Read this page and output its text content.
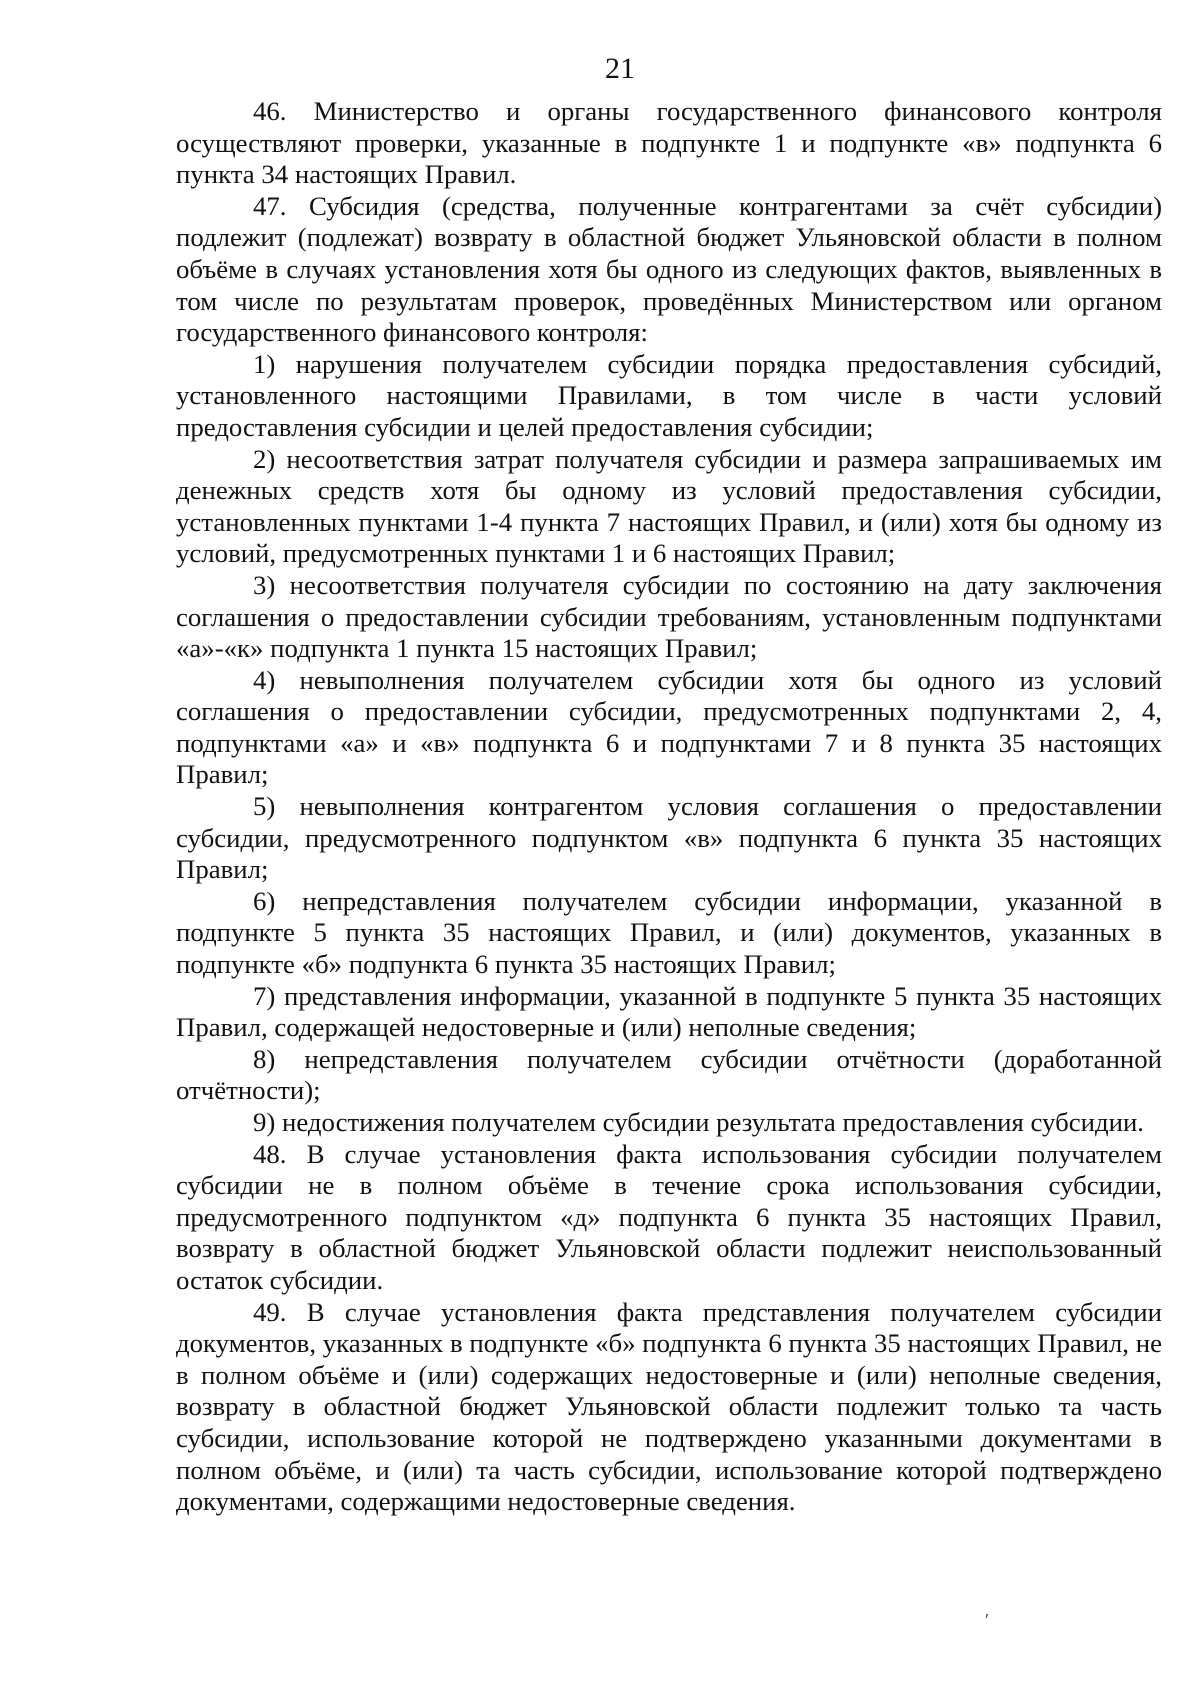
21

46. Министерство и органы государственного финансового контроля осуществляют проверки, указанные в подпункте 1 и подпункте «в» подпункта 6 пункта 34 настоящих Правил.

47. Субсидия (средства, полученные контрагентами за счёт субсидии) подлежит (подлежат) возврату в областной бюджет Ульяновской области в полном объёме в случаях установления хотя бы одного из следующих фактов, выявленных в том числе по результатам проверок, проведённых Министерством или органом государственного финансового контроля:

1) нарушения получателем субсидии порядка предоставления субсидий, установленного настоящими Правилами, в том числе в части условий предоставления субсидии и целей предоставления субсидии;

2) несоответствия затрат получателя субсидии и размера запрашиваемых им денежных средств хотя бы одному из условий предоставления субсидии, установленных пунктами 1-4 пункта 7 настоящих Правил, и (или) хотя бы одному из условий, предусмотренных пунктами 1 и 6 настоящих Правил;

3) несоответствия получателя субсидии по состоянию на дату заключения соглашения о предоставлении субсидии требованиям, установленным подпунктами «а»-«к» подпункта 1 пункта 15 настоящих Правил;

4) невыполнения получателем субсидии хотя бы одного из условий соглашения о предоставлении субсидии, предусмотренных подпунктами 2, 4, подпунктами «а» и «в» подпункта 6 и подпунктами 7 и 8 пункта 35 настоящих Правил;

5) невыполнения контрагентом условия соглашения о предоставлении субсидии, предусмотренного подпунктом «в» подпункта 6 пункта 35 настоящих Правил;

6) непредставления получателем субсидии информации, указанной в подпункте 5 пункта 35 настоящих Правил, и (или) документов, указанных в подпункте «б» подпункта 6 пункта 35 настоящих Правил;

7) представления информации, указанной в подпункте 5 пункта 35 настоящих Правил, содержащей недостоверные и (или) неполные сведения;

8) непредставления получателем субсидии отчётности (доработанной отчётности);

9) недостижения получателем субсидии результата предоставления субсидии.

48. В случае установления факта использования субсидии получателем субсидии не в полном объёме в течение срока использования субсидии, предусмотренного подпунктом «д» подпункта 6 пункта 35 настоящих Правил, возврату в областной бюджет Ульяновской области подлежит неиспользованный остаток субсидии.

49. В случае установления факта представления получателем субсидии документов, указанных в подпункте «б» подпункта 6 пункта 35 настоящих Правил, не в полном объёме и (или) содержащих недостоверные и (или) неполные сведения, возврату в областной бюджет Ульяновской области подлежит только та часть субсидии, использование которой не подтверждено указанными документами в полном объёме, и (или) та часть субсидии, использование которой подтверждено документами, содержащими недостоверные сведения.

′
